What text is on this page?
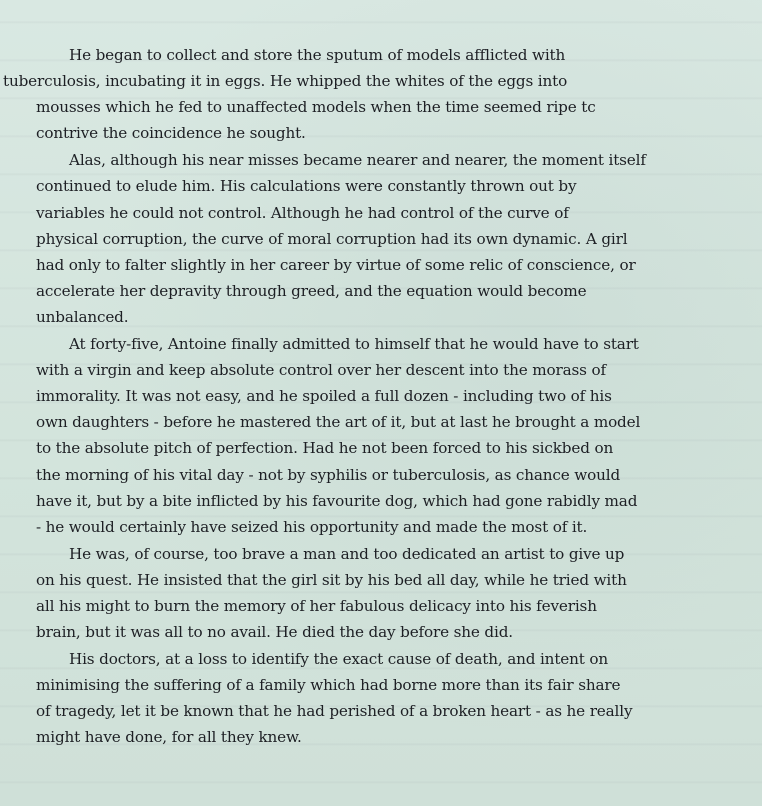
He began to collect and store the sputum of models afflicted with
tuberculosis, incubating it in eggs. He whipped the whites of the eggs into
mousses which he fed to unaffected models when the time seemed ripe tc
contrive the coincidence he sought.

Alas, although his near misses became nearer and nearer, the moment itself
continued to elude him. His calculations were constantly thrown out by
variables he could not control. Although he had control of the curve of
physical corruption, the curve of moral corruption had its own dynamic. A girl
had only to falter slightly in her career by virtue of some relic of conscience, or
accelerate her depravity through greed, and the equation would become
unbalanced.

At forty-five, Antoine finally admitted to himself that he would have to start
with a virgin and keep absolute control over her descent into the morass of
immorality. It was not easy, and he spoiled a full dozen - including two of his
own daughters - before he mastered the art of it, but at last he brought a model
to the absolute pitch of perfection. Had he not been forced to his sickbed on
the morning of his vital day - not by syphilis or tuberculosis, as chance would
have it, but by a bite inflicted by his favourite dog, which had gone rabidly mad
- he would certainly have seized his opportunity and made the most of it.

He was, of course, too brave a man and too dedicated an artist to give up
on his quest. He insisted that the girl sit by his bed all day, while he tried with
all his might to burn the memory of her fabulous delicacy into his feverish
brain, but it was all to no avail. He died the day before she did.

His doctors, at a loss to identify the exact cause of death, and intent on
minimising the suffering of a family which had borne more than its fair share
of tragedy, let it be known that he had perished of a broken heart - as he really
might have done, for all they knew.
